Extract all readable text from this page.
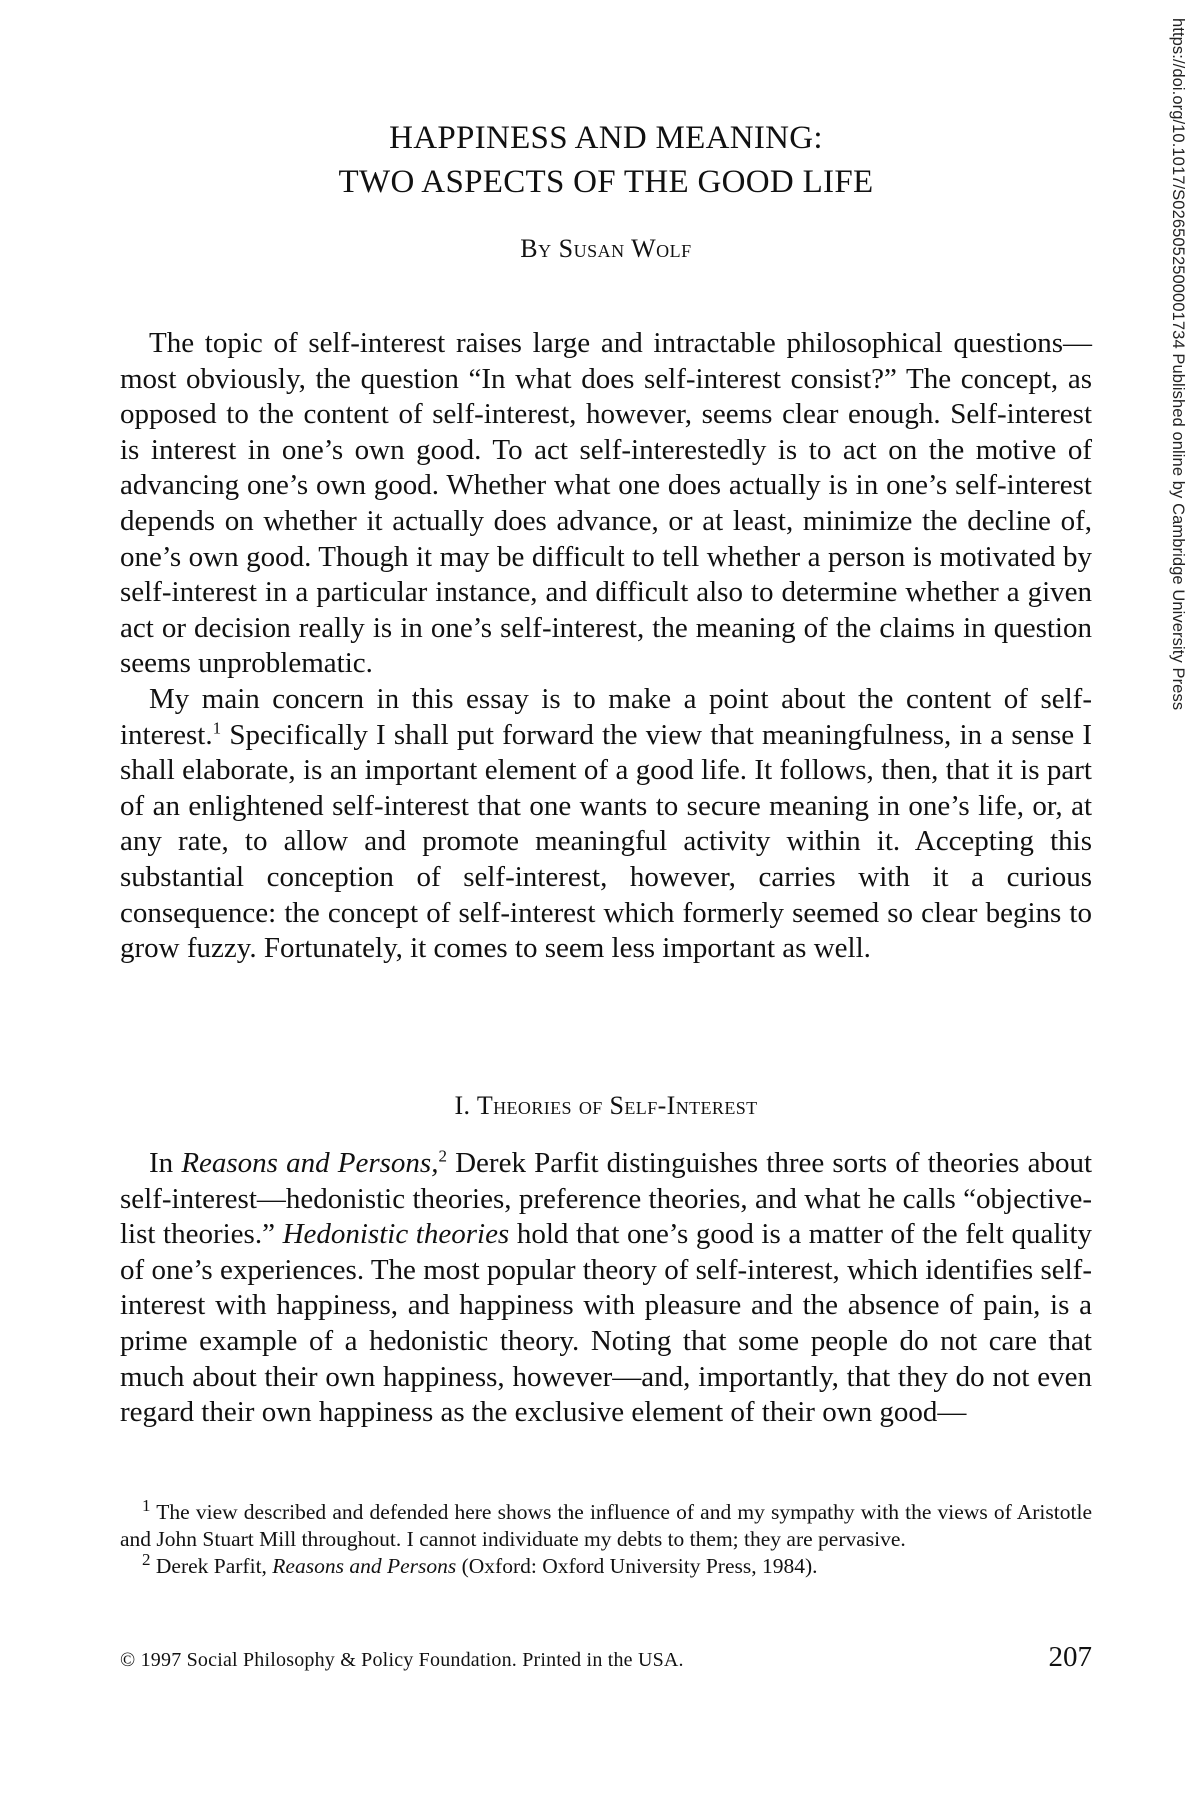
HAPPINESS AND MEANING:
TWO ASPECTS OF THE GOOD LIFE
By Susan Wolf

The topic of self-interest raises large and intractable philosophical questions—most obviously, the question “In what does self-interest consist?” The concept, as opposed to the content of self-interest, however, seems clear enough. Self-interest is interest in one’s own good. To act self-interestedly is to act on the motive of advancing one’s own good. Whether what one does actually is in one’s self-interest depends on whether it actually does advance, or at least, minimize the decline of, one’s own good. Though it may be difficult to tell whether a person is motivated by self-interest in a particular instance, and difficult also to determine whether a given act or decision really is in one’s self-interest, the meaning of the claims in question seems unproblematic.

My main concern in this essay is to make a point about the content of self-interest.$^1$ Specifically I shall put forward the view that meaningfulness, in a sense I shall elaborate, is an important element of a good life. It follows, then, that it is part of an enlightened self-interest that one wants to secure meaning in one’s life, or, at any rate, to allow and promote meaningful activity within it. Accepting this substantial conception of self-interest, however, carries with it a curious consequence: the concept of self-interest which formerly seemed so clear begins to grow fuzzy. Fortunately, it comes to seem less important as well.

I. Theories of Self-Interest

In Reasons and Persons,$^2$ Derek Parfit distinguishes three sorts of theories about self-interest—hedonistic theories, preference theories, and what he calls “objective-list theories.” Hedonistic theories hold that one’s good is a matter of the felt quality of one’s experiences. The most popular theory of self-interest, which identifies self-interest with happiness, and happiness with pleasure and the absence of pain, is a prime example of a hedonistic theory. Noting that some people do not care that much about their own happiness, however—and, importantly, that they do not even regard their own happiness as the exclusive element of their own good—

$^1$ The view described and defended here shows the influence of and my sympathy with the views of Aristotle and John Stuart Mill throughout. I cannot individuate my debts to them; they are pervasive.

$^2$ Derek Parfit, Reasons and Persons (Oxford: Oxford University Press, 1984).

© 1997 Social Philosophy & Policy Foundation. Printed in the USA.	207
https://doi.org/10.1017/S0265052500001734 Published online by Cambridge University Press
